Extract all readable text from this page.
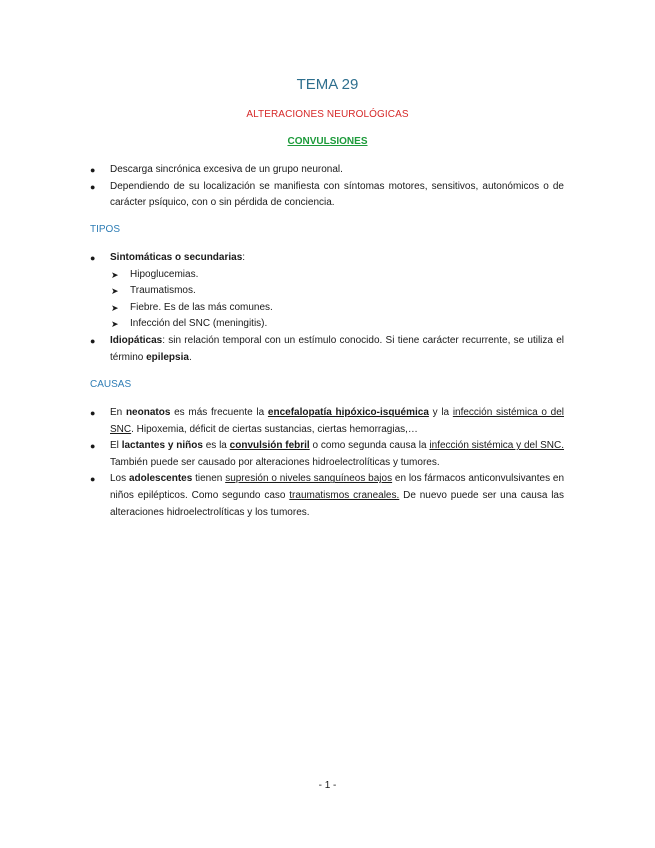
TEMA 29
ALTERACIONES NEUROLÓGICAS
CONVULSIONES
●	Descarga sincrónica excesiva de un grupo neuronal.
●	Dependiendo de su localización se manifiesta con síntomas motores, sensitivos, autonómicos o de carácter psíquico, con o sin pérdida de conciencia.
TIPOS
●	Sintomáticas o secundarias:
➤ Hipoglucemias.
➤ Traumatismos.
➤ Fiebre. Es de las más comunes.
➤ Infección del SNC (meningitis).
●	Idiopáticas: sin relación temporal con un estímulo conocido. Si tiene carácter recurrente, se utiliza el término epilepsia.
CAUSAS
●	En neonatos es más frecuente la encefalopatía hipóxico-isquémica y la infección sistémica o del SNC. Hipoxemia, déficit de ciertas sustancias, ciertas hemorragias,…
●	El lactantes y niños es la convulsión febril o como segunda causa la infección sistémica y del SNC. También puede ser causado por alteraciones hidroelectrolíticas y tumores.
●	Los adolescentes tienen supresión o niveles sanguíneos bajos en los fármacos anticonvulsivantes en niños epilépticos. Como segundo caso traumatismos craneales. De nuevo puede ser una causa las alteraciones hidroelectrolíticas y los tumores.
- 1 -
